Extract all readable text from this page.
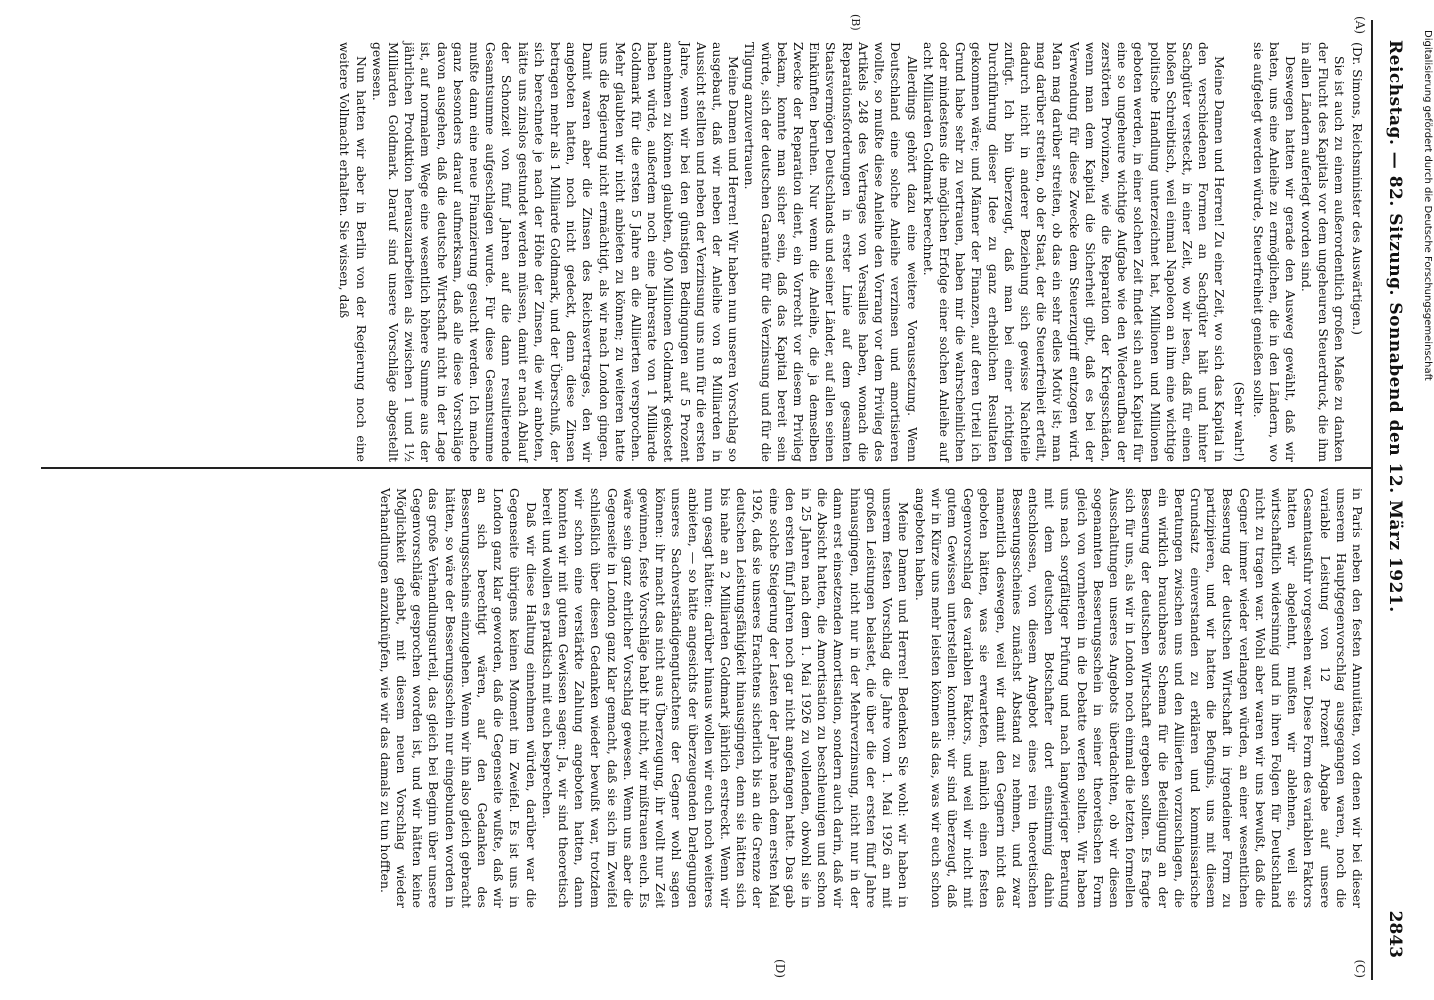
Digitalisierung gefördert durch die Deutsche Forschungsgemeinschaft
Reichstag. — 82. Sitzung. Sonnabend den 12. März 1921.
2843
(A)
(B)
(C)
(D)

(Dr. Simons, Reichsminister des Auswärtigen.)

Sie ist auch zu einem außerordentlich großen Maße zu danken der Flucht des Kapitals vor dem ungeheuren Steuerdruck, die ihm in allen Ländern auferlegt worden sind.

Deswegen hatten wir gerade den Ausweg gewählt, daß wir baten, uns eine Anleihe zu ermöglichen, die in den Ländern, wo sie aufgelegt werden würde, Steuerfreiheit genießen sollte.

(Sehr wahr!)

Meine Damen und Herren! Zu einer Zeit, wo sich das Kapital in den verschiedenen Formen an Sachgüter hält und hinter Sachgüter versteckt, in einer Zeit, wo wir lesen, daß für einen bloßen Schreibtisch, weil einmal Napoleon an ihm eine wichtige politische Handlung unterzeichnet hat, Millionen und Millionen geboten werden, in einer solchen Zeit findet sich auch Kapital für eine so ungeheure wichtige Aufgabe wie den Wiederaufbau der zerstörten Provinzen, wie die Reparation der Kriegsschäden, wenn man dem Kapital die Sicherheit gibt, daß es bei der Verwendung für diese Zwecke dem Steuerzugriff entzogen wird. Man mag darüber streiten, ob das ein sehr edles Motiv ist; man mag darüber streiten, ob der Staat, der die Steuerfreiheit erteilt, dadurch nicht in anderer Beziehung sich gewisse Nachteile zufügt. Ich bin überzeugt, daß man bei einer richtigen Durchführung dieser Idee zu ganz erheblichen Resultaten gekommen wäre; und Männer der Finanzen, auf deren Urteil ich Grund habe sehr zu vertrauen, haben mir die wahrscheinlichen oder mindestens die möglichen Erfolge einer solchen Anleihe auf acht Milliarden Goldmark berechnet.

Allerdings gehört dazu eine weitere Voraussetzung. Wenn Deutschland eine solche Anleihe verzinsen und amortisieren wollte, so mußte diese Anleihe den Vorrang vor dem Privileg des Artikels 248 des Vertrages von Versailles haben, wonach die Reparationsforderungen in erster Linie auf dem gesamten Staatsvermögen Deutschlands und seiner Länder, auf allen seinen Einkünften beruhen. Nur wenn die Anleihe, die ja demselben Zwecke der Reparation dient, ein Vorrecht vor diesem Privileg bekam, konnte man sicher sein, daß das Kapital bereit sein würde, sich der deutschen Garantie für die Verzinsung und für die Tilgung anzuvertrauen.

Meine Damen und Herren! Wir haben nun unseren Vorschlag so ausgebaut, daß wir neben der Anleihe von 8 Milliarden in Aussicht stellten und neben der Verzinsung uns nun für die ersten Jahre, wenn wir bei den günstigen Bedingungen auf 5 Prozent annehmen zu können glaubten, 400 Millionen Goldmark gekostet haben würde, außerdem noch eine Jahresrate von 1 Milliarde Goldmark für die ersten 5 Jahre an die Alliierten versprochen. Mehr glaubten wir nicht anbieten zu können; zu weiteren hatte uns die Regierung nicht ermächtigt, als wir nach London gingen. Damit waren aber die Zinsen des Reichsvertrages, den wir angeboten hatten, noch nicht gedeckt, denn diese Zinsen betragen mehr als 1 Milliarde Goldmark, und der Überschuß, der sich berechnete je nach der Höhe der Zinsen, die wir anboten, hätte uns zinslos gestundet werden müssen, damit er nach Ablauf der Schonzeit von fünf Jahren auf die dann resultierende Gesamtsumme aufgeschlagen wurde. Für diese Gesamtsumme mußte dann eine neue Finanzierung gesucht werden. Ich mache ganz besonders darauf aufmerksam, daß alle diese Vorschläge davon ausgehen, daß die deutsche Wirtschaft nicht in der Lage ist, auf normalem Wege eine wesentlich höhere Summe aus der jährlichen Produktion herauszuarbeiten als zwischen 1 und 1½ Milliarden Goldmark. Darauf sind unsere Vorschläge abgestellt gewesen.

Nun hatten wir aber in Berlin von der Regierung noch eine weitere Vollmacht erhalten. Sie wissen, daß

in Paris neben den festen Annuitäten, von denen wir bei dieser unserem Hauptgegenvorschlag ausgegangen waren, noch die variable Leistung von 12 Prozent Abgabe auf unsere Gesamtausfuhr vorgesehen war. Diese Form des variablen Faktors hatten wir abgelehnt, mußten wir ablehnen, weil sie wirtschaftlich widersinnig und in ihren Folgen für Deutschland nicht zu tragen war. Wohl aber waren wir uns bewußt, daß die Gegner immer wieder verlangen würden, an einer wesentlichen Besserung der deutschen Wirtschaft in irgendeiner Form zu partizipieren, und wir hatten die Befugnis, uns mit diesem Grundsatz einverstanden zu erklären und kommissarische Beratungen zwischen uns und den Alliierten vorzuschlagen, die ein wirklich brauchbares Schema für die Beteiligung an der Besserung der deutschen Wirtschaft ergeben sollten. Es fragte sich für uns, als wir in London noch einmal die letzten formellen Ausschaltungen unseres Angebots überdachten, ob wir diesen sogenannten Besserungsschein in seiner theoretischen Form gleich von vornherein in die Debatte werfen sollten. Wir haben uns nach sorgfältiger Prüfung und nach langwieriger Beratung mit dem deutschen Botschafter dort einstimmig dahin entschlossen, von diesem Angebot eines rein theoretischen Besserungsscheines zunächst Abstand zu nehmen, und zwar namentlich deswegen, weil wir damit den Gegnern nicht das geboten hätten, was sie erwarteten, nämlich einen festen Gegenvorschlag des variablen Faktors, und weil wir nicht mit gutem Gewissen unterstellen konnten: wir sind überzeugt, daß wir in Kürze uns mehr leisten können als das, was wir euch schon angeboten haben.

Meine Damen und Herren! Bedenken Sie wohl: wir haben in unserem festen Vorschlag die Jahre vom 1. Mai 1926 an mit großen Leistungen belastet, die über die der ersten fünf Jahre hinausgingen, nicht nur in der Mehrverzinsung, nicht nur in der dann erst einsetzenden Amortisation, sondern auch darin, daß wir die Absicht hatten, die Amortisation zu beschleunigen und schon in 25 Jahren nach dem 1. Mai 1926 zu vollenden, obwohl sie in den ersten fünf Jahren noch gar nicht angefangen hatte. Das gab eine solche Steigerung der Lasten der Jahre nach dem ersten Mai 1926, daß sie unseres Erachtens sicherlich bis an die Grenze der deutschen Leistungsfähigkeit hinausgingen, denn sie hätten sich bis nahe an 2 Milliarden Goldmark jährlich erstreckt. Wenn wir nun gesagt hätten: darüber hinaus wollen wir euch noch weiteres anbieten, — so hätte angesichts der überzeugenden Darlegungen unseres Sachverständigengutachtens der Gegner wohl sagen können: ihr macht das nicht aus Überzeugung, ihr wollt nur Zeit gewinnen, feste Vorschläge habt ihr nicht, wir mißtrauen euch. Es wäre sein ganz ehrlicher Vorschlag gewesen. Wenn uns aber die Gegenseite in London ganz klar gemacht, daß sie sich im Zweifel schließlich über diesen Gedanken wieder bewußt war, trotzdem wir schon eine verstärkte Zahlung angeboten hatten, dann konnten wir mit gutem Gewissen sagen: Ja, wir sind theoretisch bereit und wollen es praktisch mit euch besprechen.

Daß wir diese Haltung einnehmen würden, darüber war die Gegenseite übrigens keinen Moment im Zweifel. Es ist uns in London ganz klar geworden, daß die Gegenseite wußte, daß wir an sich berechtigt wären, auf den Gedanken des Besserungsscheins einzugehen. Wenn wir ihn also gleich gebracht hätten, so wäre der Besserungsschein nur eingebunden worden in das große Verhandlungsurteil, das gleich bei Beginn über unsere Gegenvorschläge gesprochen worden ist, und wir hätten keine Möglichkeit gehabt, mit diesem neuen Vorschlag wieder Verhandlungen anzuknüpfen, wie wir das damals zu tun hofften.
